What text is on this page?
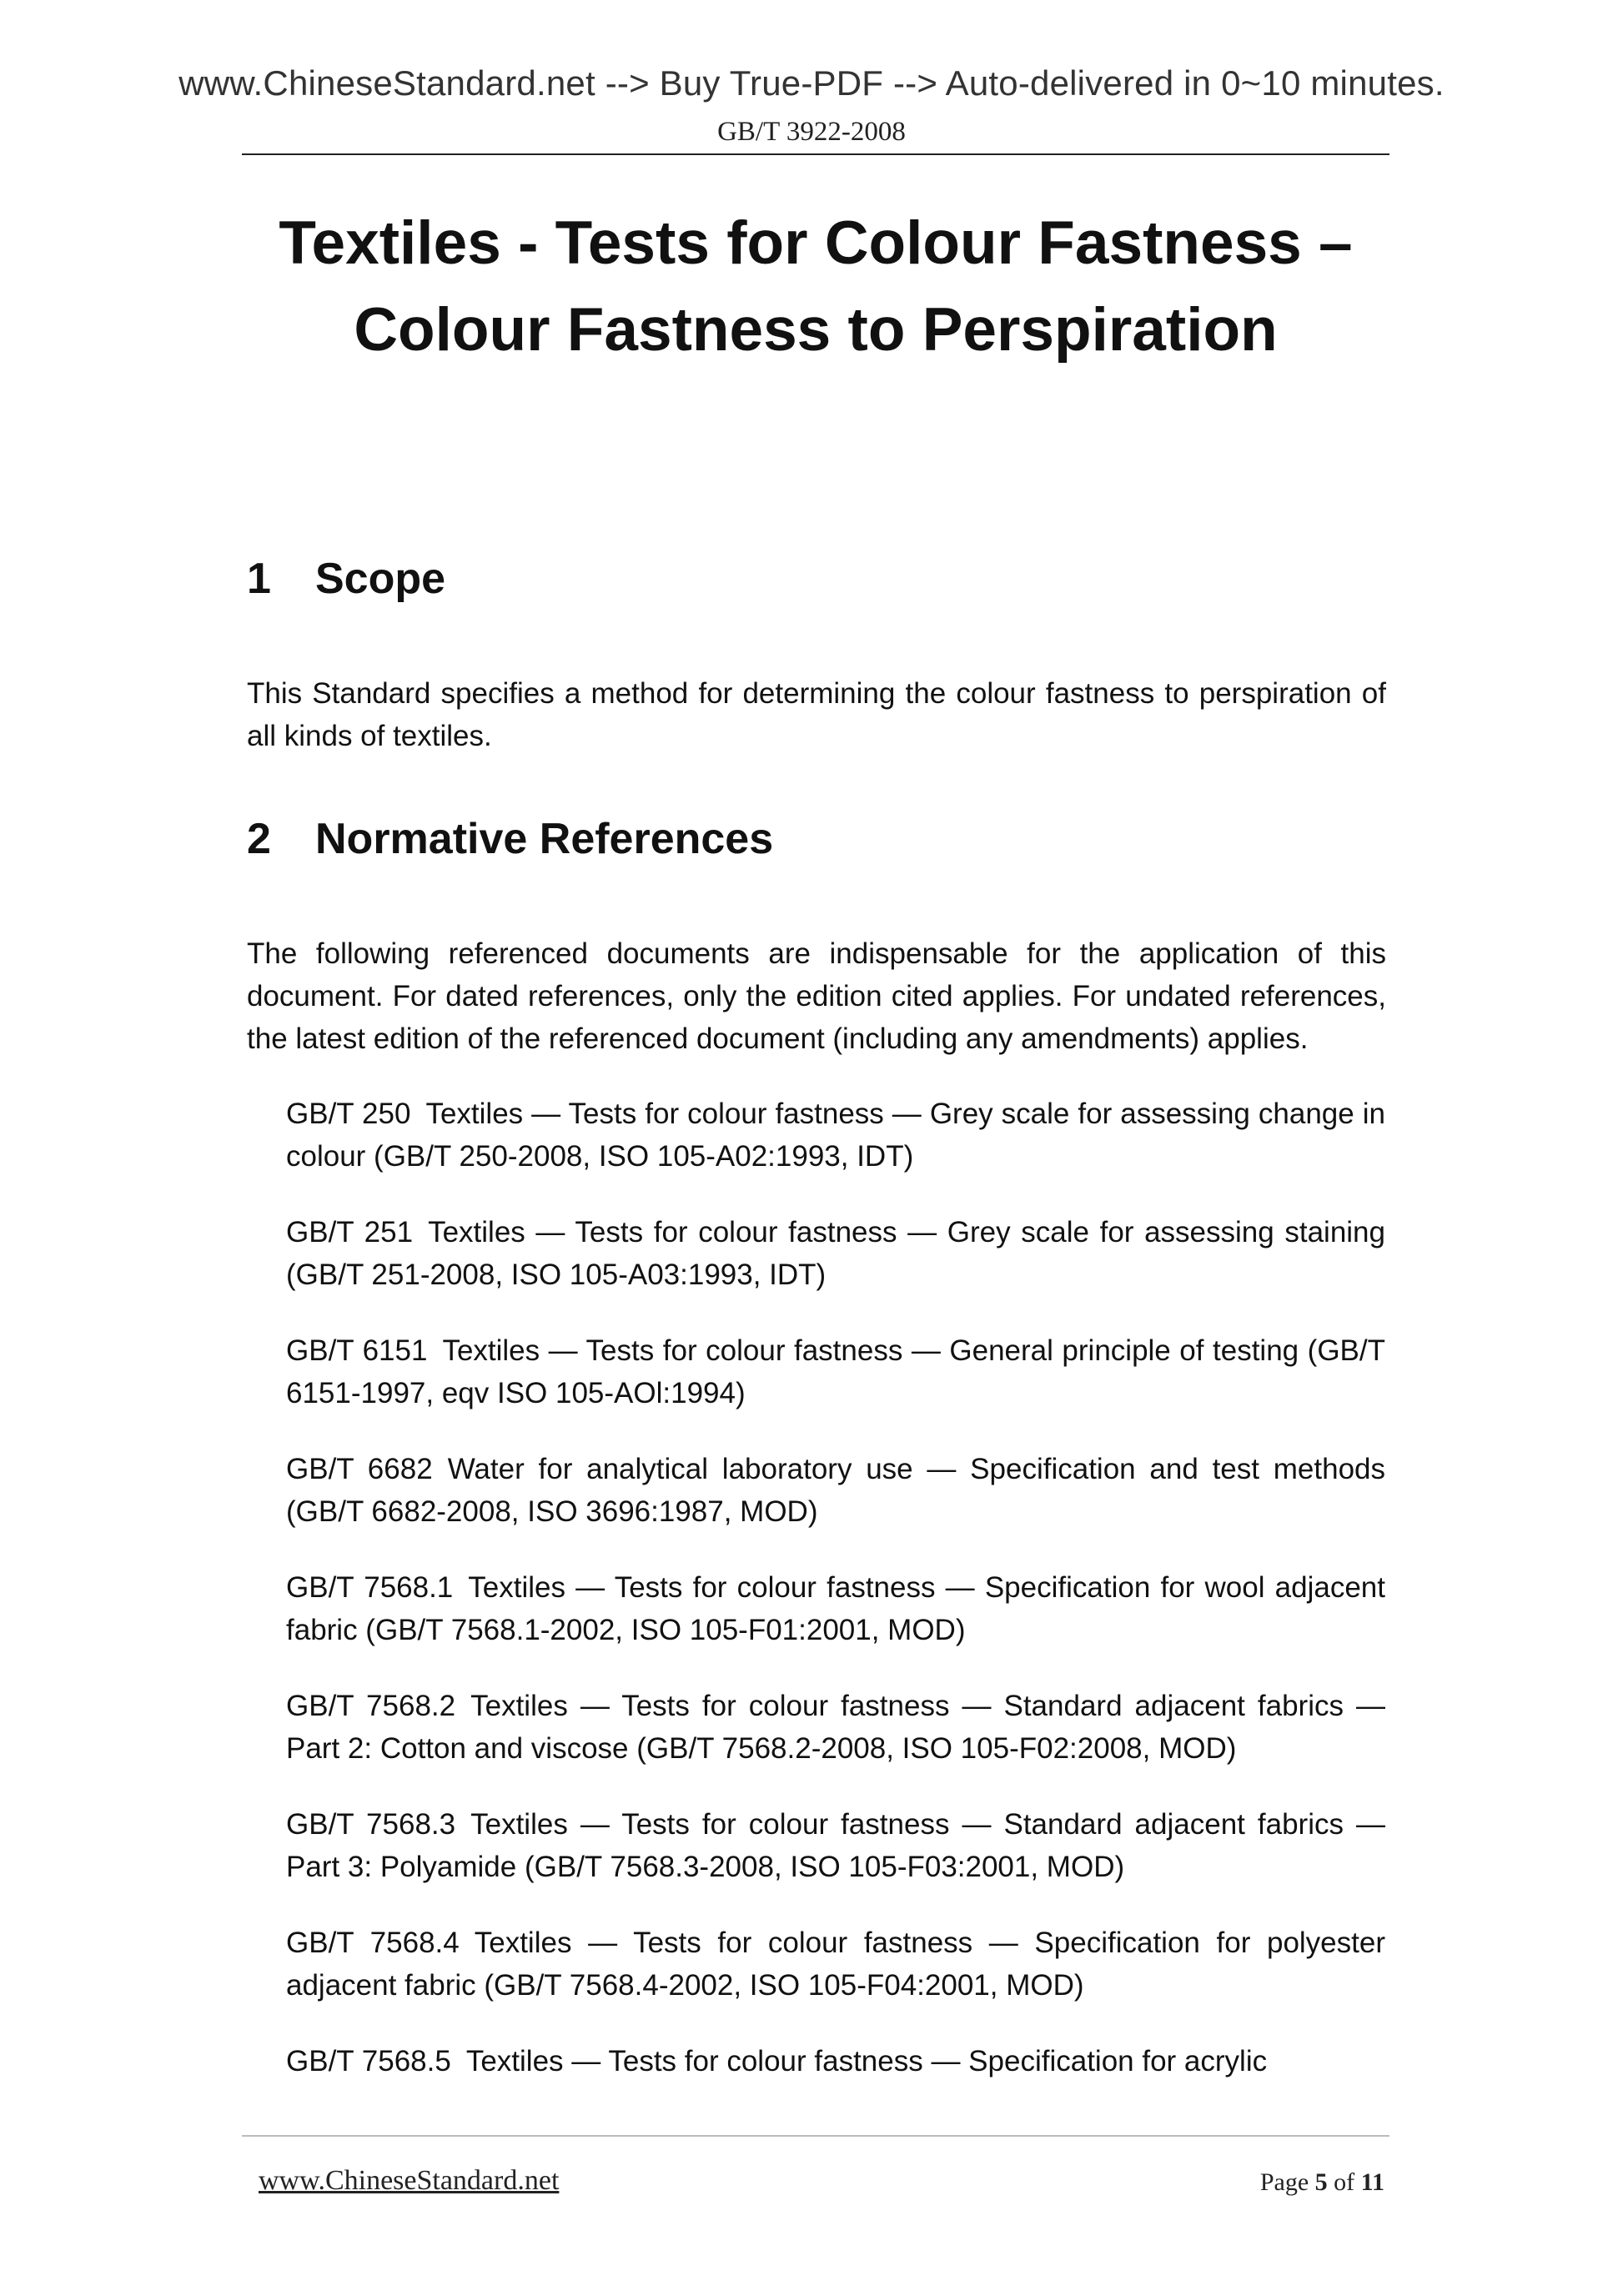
www.ChineseStandard.net --> Buy True-PDF --> Auto-delivered in 0~10 minutes.
GB/T 3922-2008
Textiles - Tests for Colour Fastness –
Colour Fastness to Perspiration
1 Scope
This Standard specifies a method for determining the colour fastness to perspiration of all kinds of textiles.
2 Normative References
The following referenced documents are indispensable for the application of this document. For dated references, only the edition cited applies. For undated references, the latest edition of the referenced document (including any amendments) applies.
GB/T 250 Textiles — Tests for colour fastness — Grey scale for assessing change in colour (GB/T 250-2008, ISO 105-A02:1993, IDT)
GB/T 251 Textiles — Tests for colour fastness — Grey scale for assessing staining (GB/T 251-2008, ISO 105-A03:1993, IDT)
GB/T 6151 Textiles — Tests for colour fastness — General principle of testing (GB/T 6151-1997, eqv ISO 105-AOl:1994)
GB/T 6682 Water for analytical laboratory use — Specification and test methods (GB/T 6682-2008, ISO 3696:1987, MOD)
GB/T 7568.1 Textiles — Tests for colour fastness — Specification for wool adjacent fabric (GB/T 7568.1-2002, ISO 105-F01:2001, MOD)
GB/T 7568.2 Textiles — Tests for colour fastness — Standard adjacent fabrics — Part 2: Cotton and viscose (GB/T 7568.2-2008, ISO 105-F02:2008, MOD)
GB/T 7568.3 Textiles — Tests for colour fastness — Standard adjacent fabrics — Part 3: Polyamide (GB/T 7568.3-2008, ISO 105-F03:2001, MOD)
GB/T 7568.4 Textiles — Tests for colour fastness — Specification for polyester adjacent fabric (GB/T 7568.4-2002, ISO 105-F04:2001, MOD)
GB/T 7568.5 Textiles — Tests for colour fastness — Specification for acrylic
www.ChineseStandard.net	Page 5 of 11
